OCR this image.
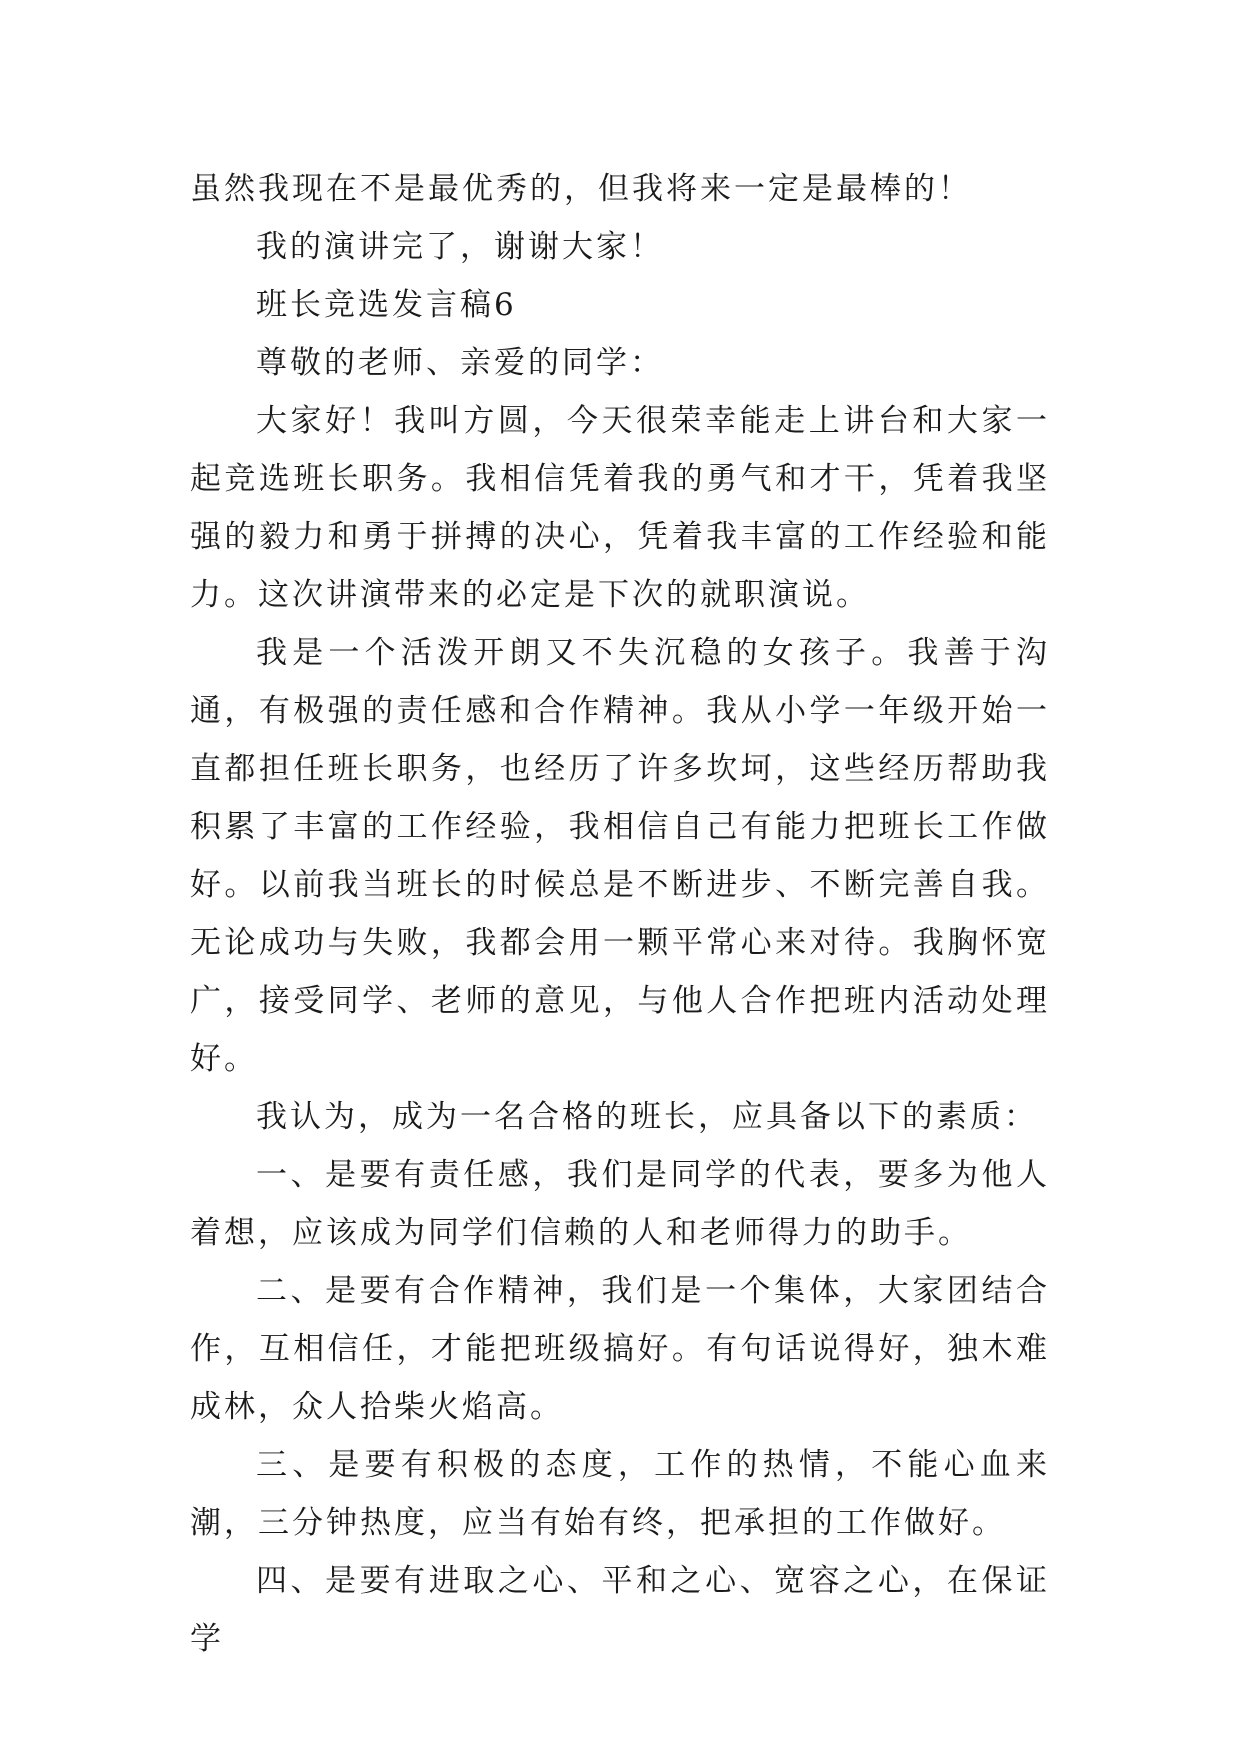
虽然我现在不是最优秀的，但我将来一定是最棒的！

我的演讲完了，谢谢大家！

班长竞选发言稿6

尊敬的老师、亲爱的同学：

大家好！我叫方圆，今天很荣幸能走上讲台和大家一起竞选班长职务。我相信凭着我的勇气和才干，凭着我坚强的毅力和勇于拼搏的决心，凭着我丰富的工作经验和能力。这次讲演带来的必定是下次的就职演说。

我是一个活泼开朗又不失沉稳的女孩子。我善于沟通，有极强的责任感和合作精神。我从小学一年级开始一直都担任班长职务，也经历了许多坎坷，这些经历帮助我积累了丰富的工作经验，我相信自己有能力把班长工作做好。以前我当班长的时候总是不断进步、不断完善自我。无论成功与失败，我都会用一颗平常心来对待。我胸怀宽广，接受同学、老师的意见，与他人合作把班内活动处理好。

我认为，成为一名合格的班长，应具备以下的素质：

一、是要有责任感，我们是同学的代表，要多为他人着想，应该成为同学们信赖的人和老师得力的助手。

二、是要有合作精神，我们是一个集体，大家团结合作，互相信任，才能把班级搞好。有句话说得好，独木难成林，众人拾柴火焰高。

三、是要有积极的态度，工作的热情，不能心血来潮，三分钟热度，应当有始有终，把承担的工作做好。

四、是要有进取之心、平和之心、宽容之心，在保证学
